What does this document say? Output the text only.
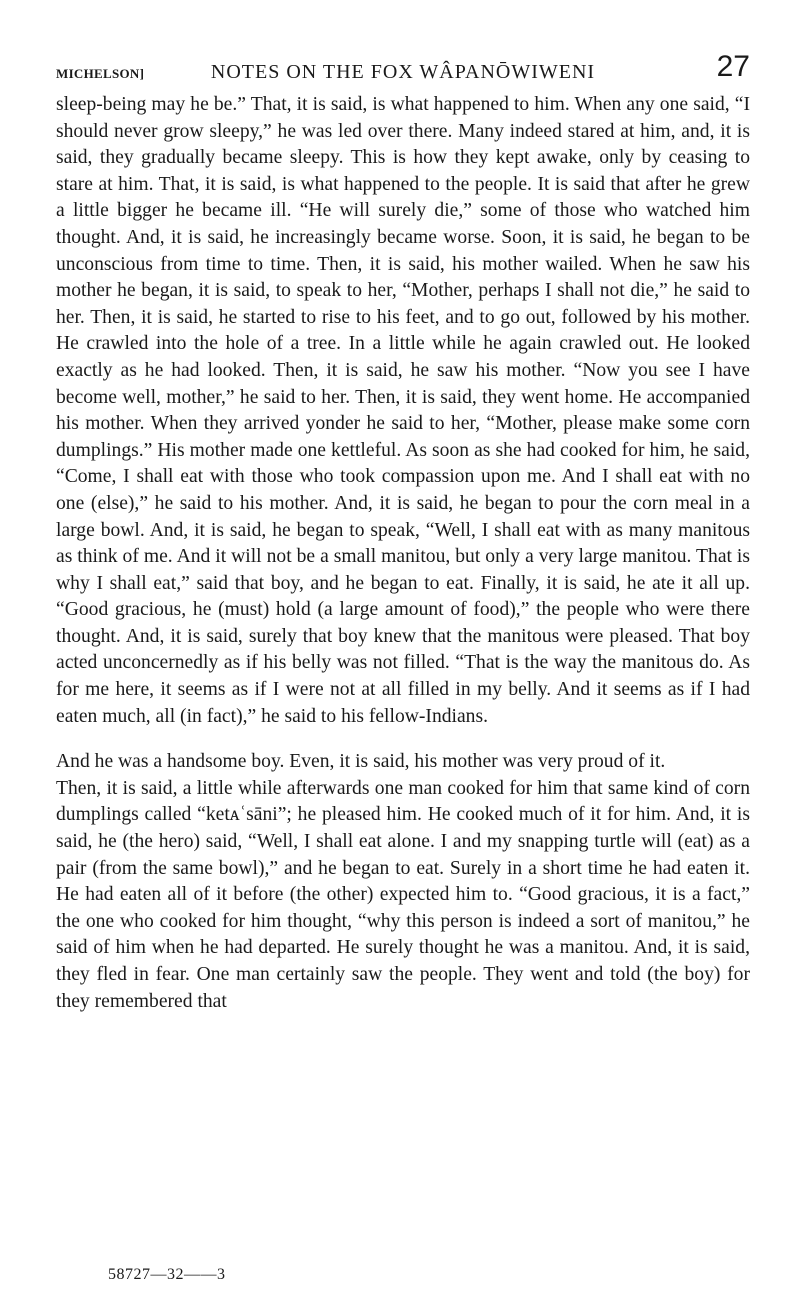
MICHELSON]	NOTES ON THE FOX WÂPANŌWIWENI	27

sleep-being may he be.” That, it is said, is what happened to him. When any one said, “I should never grow sleepy,” he was led over there. Many indeed stared at him, and, it is said, they gradually became sleepy. This is how they kept awake, only by ceasing to stare at him. That, it is said, is what happened to the people. It is said that after he grew a little bigger he became ill. “He will surely die,” some of those who watched him thought. And, it is said, he increasingly became worse. Soon, it is said, he began to be unconscious from time to time. Then, it is said, his mother wailed. When he saw his mother he began, it is said, to speak to her, “Mother, perhaps I shall not die,” he said to her. Then, it is said, he started to rise to his feet, and to go out, followed by his mother. He crawled into the hole of a tree. In a little while he again crawled out. He looked exactly as he had looked. Then, it is said, he saw his mother. “Now you see I have become well, mother,” he said to her. Then, it is said, they went home. He accompanied his mother. When they arrived yonder he said to her, “Mother, please make some corn dumplings.” His mother made one kettleful. As soon as she had cooked for him, he said, “Come, I shall eat with those who took compassion upon me. And I shall eat with no one (else),” he said to his mother. And, it is said, he began to pour the corn meal in a large bowl. And, it is said, he began to speak, “Well, I shall eat with as many manitous as think of me. And it will not be a small manitou, but only a very large manitou. That is why I shall eat,” said that boy, and he began to eat. Finally, it is said, he ate it all up. “Good gracious, he (must) hold (a large amount of food),” the people who were there thought. And, it is said, surely that boy knew that the manitous were pleased. That boy acted unconcernedly as if his belly was not filled. “That is the way the manitous do. As for me here, it seems as if I were not at all filled in my belly. And it seems as if I had eaten much, all (in fact),” he said to his fellow-Indians.

And he was a handsome boy. Even, it is said, his mother was very proud of it.

Then, it is said, a little while afterwards one man cooked for him that same kind of corn dumplings called “ketᴀʿsāni”; he pleased him. He cooked much of it for him. And, it is said, he (the hero) said, “Well, I shall eat alone. I and my snapping turtle will (eat) as a pair (from the same bowl),” and he began to eat. Surely in a short time he had eaten it. He had eaten all of it before (the other) expected him to. “Good gracious, it is a fact,” the one who cooked for him thought, “why this person is indeed a sort of manitou,” he said of him when he had departed. He surely thought he was a manitou. And, it is said, they fled in fear. One man certainly saw the people. They went and told (the boy) for they remembered that

58727—32——3
